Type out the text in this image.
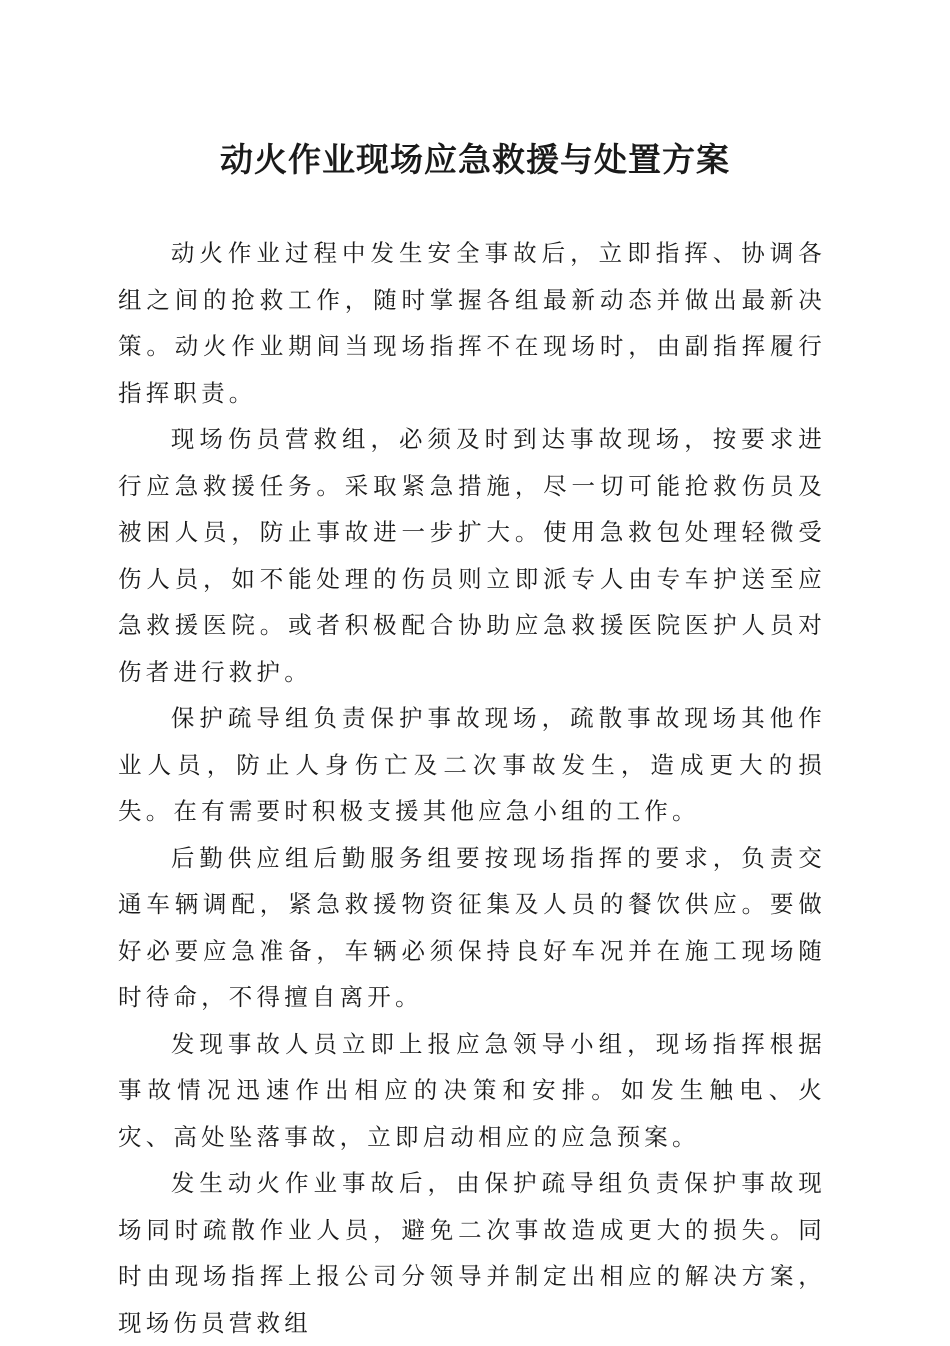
动火作业现场应急救援与处置方案

动火作业过程中发生安全事故后，立即指挥、协调各组之间的抢救工作，随时掌握各组最新动态并做出最新决策。动火作业期间当现场指挥不在现场时，由副指挥履行指挥职责。

现场伤员营救组，必须及时到达事故现场，按要求进行应急救援任务。采取紧急措施，尽一切可能抢救伤员及被困人员，防止事故进一步扩大。使用急救包处理轻微受伤人员，如不能处理的伤员则立即派专人由专车护送至应急救援医院。或者积极配合协助应急救援医院医护人员对伤者进行救护。

保护疏导组负责保护事故现场，疏散事故现场其他作业人员，防止人身伤亡及二次事故发生，造成更大的损失。在有需要时积极支援其他应急小组的工作。

后勤供应组后勤服务组要按现场指挥的要求，负责交通车辆调配，紧急救援物资征集及人员的餐饮供应。要做好必要应急准备，车辆必须保持良好车况并在施工现场随时待命，不得擅自离开。

发现事故人员立即上报应急领导小组，现场指挥根据事故情况迅速作出相应的决策和安排。如发生触电、火灾、高处坠落事故，立即启动相应的应急预案。

发生动火作业事故后，由保护疏导组负责保护事故现场同时疏散作业人员，避免二次事故造成更大的损失。同时由现场指挥上报公司分领导并制定出相应的解决方案，现场伤员营救组
